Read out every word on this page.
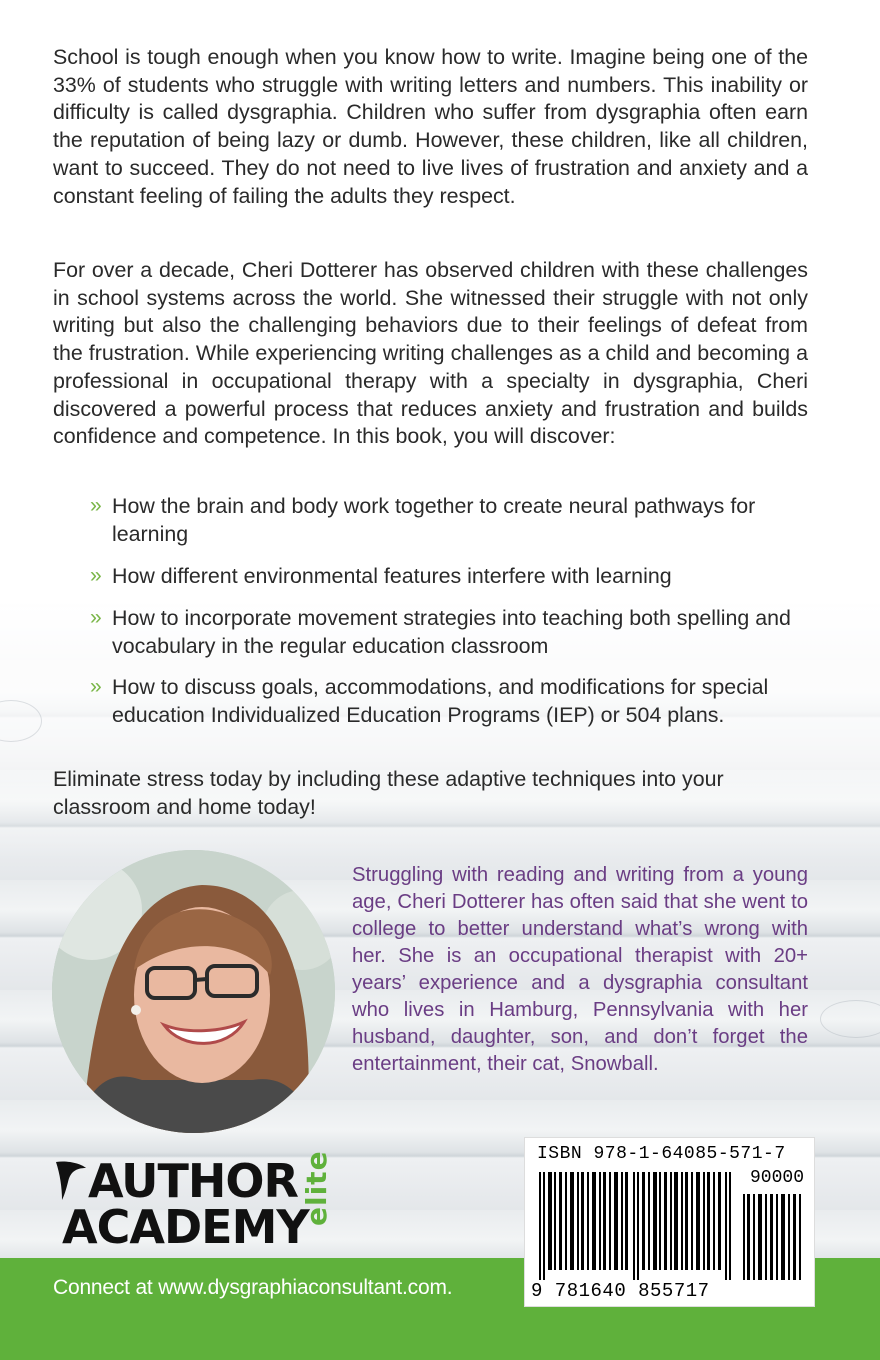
School is tough enough when you know how to write. Imagine being one of the 33% of students who struggle with writing letters and numbers. This inability or difficulty is called dysgraphia. Children who suffer from dysgraphia often earn the reputation of being lazy or dumb. However, these children, like all children, want to succeed. They do not need to live lives of frustration and anxiety and a constant feeling of failing the adults they respect.

For over a decade, Cheri Dotterer has observed children with these challenges in school systems across the world. She witnessed their struggle with not only writing but also the challenging behaviors due to their feelings of defeat from the frustration. While experiencing writing challenges as a child and becoming a professional in occupational therapy with a specialty in dysgraphia, Cheri discovered a powerful process that reduces anxiety and frustration and builds confidence and competence. In this book, you will discover:

» How the brain and body work together to create neural pathways for learning
» How different environmental features interfere with learning
» How to incorporate movement strategies into teaching both spelling and vocabulary in the regular education classroom
» How to discuss goals, accommodations, and modifications for special education Individualized Education Programs (IEP) or 504 plans.

Eliminate stress today by including these adaptive techniques into your classroom and home today!

Struggling with reading and writing from a young age, Cheri Dotterer has often said that she went to college to better understand what’s wrong with her. She is an occupational therapist with 20+ years’ experience and a dysgraphia consultant who lives in Hamburg, Pennsylvania with her husband, daughter, son, and don’t forget the entertainment, their cat, Snowball.

AUTHOR

ACADEMY

elite

Connect at www.dysgraphiaconsultant.com.

ISBN 978-1-64085-571-7

90000

9 781640 855717
